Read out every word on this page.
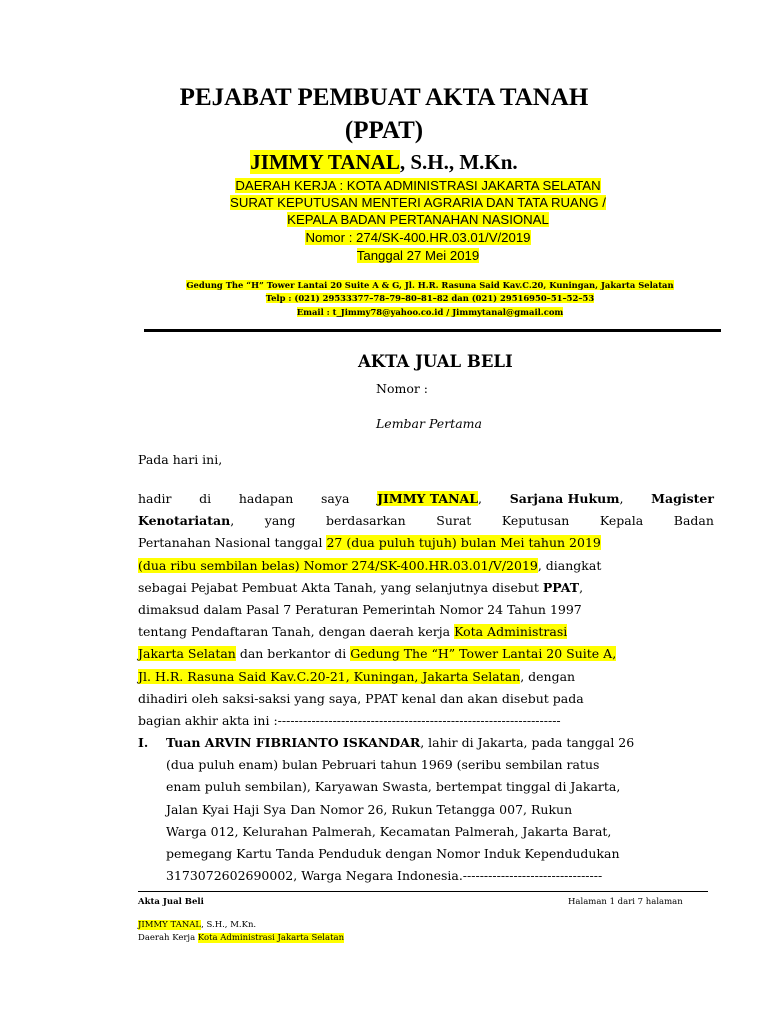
PEJABAT PEMBUAT AKTA TANAH
(PPAT)
JIMMY TANAL, S.H., M.Kn.
DAERAH KERJA : KOTA ADMINISTRASI JAKARTA SELATAN
SURAT KEPUTUSAN MENTERI AGRARIA DAN TATA RUANG /
KEPALA BADAN PERTANAHAN NASIONAL
Nomor : 274/SK-400.HR.03.01/V/2019
Tanggal 27 Mei 2019
Gedung The “H” Tower Lantai 20 Suite A & G, Jl. H.R. Rasuna Said Kav.C.20, Kuningan, Jakarta Selatan
Telp : (021) 29533377–78–79–80–81–82 dan (021) 29516950–51–52–53
Email : t_Jimmy78@yahoo.co.id / Jimmytanal@gmail.com
AKTA JUAL BELI
Nomor :
Lembar Pertama
Pada hari ini,
hadir di hadapan saya JIMMY TANAL, Sarjana Hukum, Magister
Kenotariatan, yang berdasarkan Surat Keputusan Kepala Badan
Pertanahan Nasional tanggal 27 (dua puluh tujuh) bulan Mei tahun 2019
(dua ribu sembilan belas) Nomor 274/SK-400.HR.03.01/V/2019, diangkat
sebagai Pejabat Pembuat Akta Tanah, yang selanjutnya disebut PPAT,
dimaksud dalam Pasal 7 Peraturan Pemerintah Nomor 24 Tahun 1997
tentang Pendaftaran Tanah, dengan daerah kerja Kota Administrasi
Jakarta Selatan dan berkantor di Gedung The “H” Tower Lantai 20 Suite A,
Jl. H.R. Rasuna Said Kav.C.20-21, Kuningan, Jakarta Selatan, dengan
dihadiri oleh saksi-saksi yang saya, PPAT kenal dan akan disebut pada
bagian akhir akta ini :-------------------------------------------------------------------
I. Tuan ARVIN FIBRIANTO ISKANDAR, lahir di Jakarta, pada tanggal 26
(dua puluh enam) bulan Pebruari tahun 1969 (seribu sembilan ratus
enam puluh sembilan), Karyawan Swasta, bertempat tinggal di Jakarta,
Jalan Kyai Haji Sya Dan Nomor 26, Rukun Tetangga 007, Rukun
Warga 012, Kelurahan Palmerah, Kecamatan Palmerah, Jakarta Barat,
pemegang Kartu Tanda Penduduk dengan Nomor Induk Kependudukan
3173072602690002, Warga Negara Indonesia.---------------------------------
Akta Jual Beli	Halaman 1 dari 7 halaman
JIMMY TANAL, S.H., M.Kn.
Daerah Kerja Kota Administrasi Jakarta Selatan
